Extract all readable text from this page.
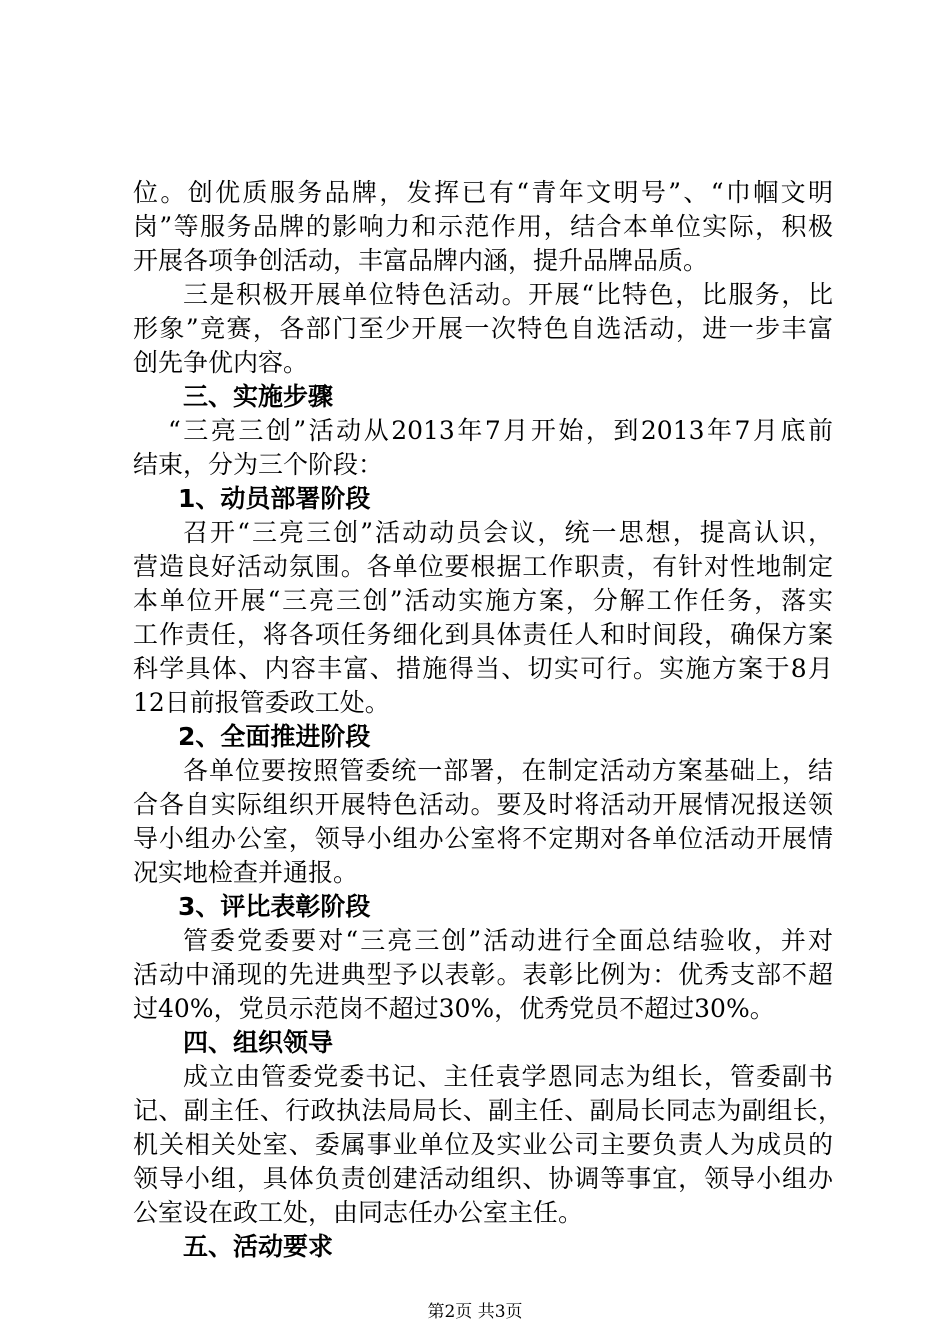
位。创优质服务品牌，发挥已有“青年文明号”、“巾帼文明
岗”等服务品牌的影响力和示范作用，结合本单位实际，积极
开展各项争创活动，丰富品牌内涵，提升品牌品质。
三是积极开展单位特色活动。开展“比特色，比服务，比
形象”竞赛，各部门至少开展一次特色自选活动，进一步丰富
创先争优内容。
三、实施步骤
“三亮三创”活动从2013年7月开始，到2013年7月底前
结束，分为三个阶段：
1、动员部署阶段
召开“三亮三创”活动动员会议，统一思想，提高认识，
营造良好活动氛围。各单位要根据工作职责，有针对性地制定
本单位开展“三亮三创”活动实施方案，分解工作任务，落实
工作责任，将各项任务细化到具体责任人和时间段，确保方案
科学具体、内容丰富、措施得当、切实可行。实施方案于8月
12日前报管委政工处。
2、全面推进阶段
各单位要按照管委统一部署，在制定活动方案基础上，结
合各自实际组织开展特色活动。要及时将活动开展情况报送领
导小组办公室，领导小组办公室将不定期对各单位活动开展情
况实地检查并通报。
3、评比表彰阶段
管委党委要对“三亮三创”活动进行全面总结验收，并对
活动中涌现的先进典型予以表彰。表彰比例为：优秀支部不超
过40%，党员示范岗不超过30%，优秀党员不超过30%。
四、组织领导
成立由管委党委书记、主任袁学恩同志为组长，管委副书
记、副主任、行政执法局局长、副主任、副局长同志为副组长，
机关相关处室、委属事业单位及实业公司主要负责人为成员的
领导小组，具体负责创建活动组织、协调等事宜，领导小组办
公室设在政工处，由同志任办公室主任。
五、活动要求
第2页 共3页
